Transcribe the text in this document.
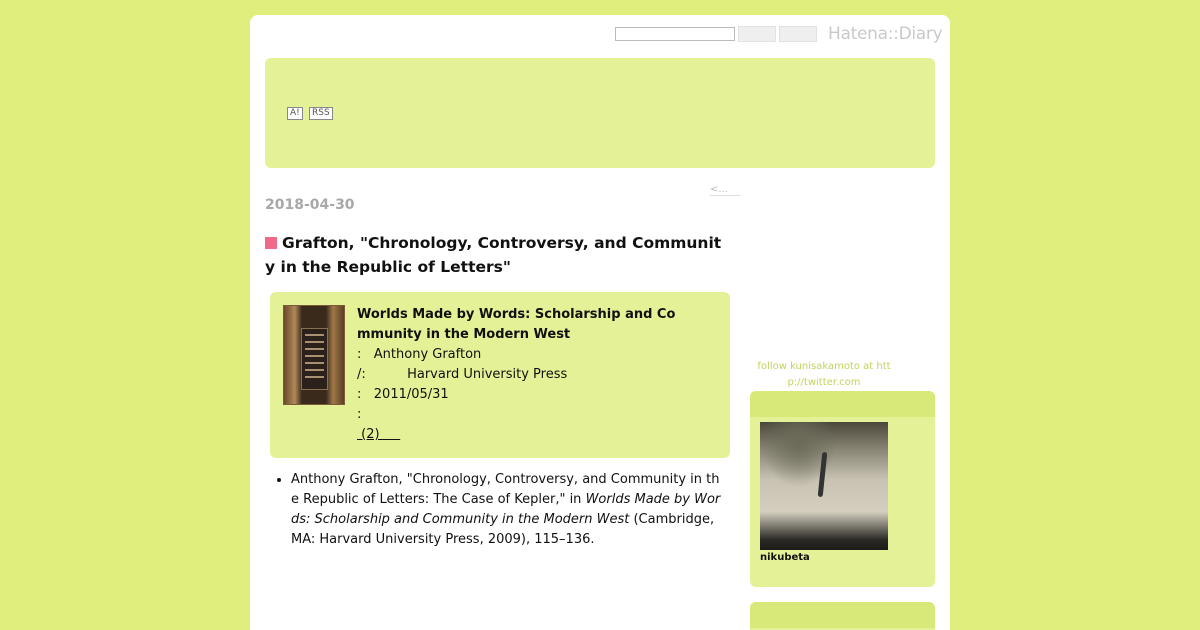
Hatena::Diary
A!	RSS
<...
2018-04-30
Grafton, "Chronology, Controversy, and Community in the Republic of Letters"
Worlds Made by Words: Scholarship and Community in the Modern West
:   Anthony Grafton
/:          Harvard University Press
:   2011/05/31
:
(2)
• Anthony Grafton, "Chronology, Controversy, and Community in the Republic of Letters: The Case of Kepler," in Worlds Made by Words: Scholarship and Community in the Modern West (Cambridge, MA: Harvard University Press, 2009), 115–136.
follow kunisakamoto at http://twitter.com
nikubeta
